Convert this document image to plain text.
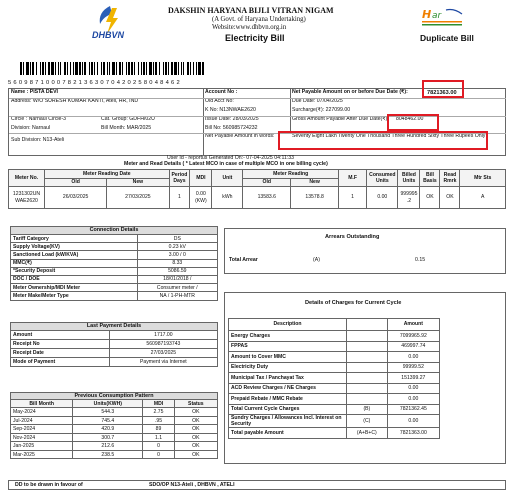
DHBVN
DAKSHIN HARYANA BIJLI VITRAN NIGAM
(A Govt. of Haryana Undertaking)
Website:www.dhbvn.org.in
Electricity Bill
H ar
Duplicate Bill
5 6 0 9 8 7 1 0 0 0 7 8 2 1 3 6 3 0 7 0 4 2 0 2 5 8 0 4 8 4 6 2
Name : PISTA DEVI	Account No :	Net Payable Amount on or before Due Date (₹):	7821363.00
Address: W/O SURESH KUMAR KANTI, Ateli, HR, IND	Old Acct No:	Due Date: 07/04/2025
K No: N13NWAE2620	Surcharge(₹): 227099.00
Circle : Narnaul Circle-3	Cat. Group: GDFH/02U	Issue Date: 28/03/2025	Gross Amount Payable After Due Date(₹): 8048462.00
Division: Narnaul	Bill Month: MAR/2025	Bill No: 560985724232
Sub Division: N13-Ateli
Net Payable Amount in words:	Seventy Eight Lakh Twenty One Thousand Three Hundred Sixty Three Rupees Only
User Id - reportus Generated On:- 07-04-2025 04:11:33
Meter and Read Details ( * Latest MCO in case of multiple MCO in one billing cycle)
Meter No.	Meter Reading Date		Period Days	MDI	Unit	Meter Reading		M.F	Consumed Units	Billed Units	Bill Basis	Read Rmrk	Mtr Sts
	Old	New				Old	New						
1231302UN WAE2620	26/03/2025	27/03/2025	1	0.00 (KW)	kWh	13583.6	13578.8	1	0.00	999995 .2	OK	OK	A
Connection Details	
Tariff Category	DS
Supply Voltage(KV)	0.23 kV
Sanctioned Load (kW/KVA)	3.00 / 0
MMC(₹)	8.33
*Security Deposit	5086.59
DOC / DOE	18/01/2018 /
Meter Ownership/MDI Meter	Consumer meter /
Meter Make/Meter Type	NA / 1-PH-MTR
Arrears Outstanding
Total Arrear	(A)	0.15
Last Payment Details	
Amount	1717.00
Receipt No	560987193743
Receipt Date	27/03/2025
Mode of Payment	Payment via Internet
Details of Charges for Current Cycle
Description		Amount
Energy Charges		7099965.92
FPPAS		469997.74
Amount to Cover MMC		0.00
Electricity Duty		99999.52
Municipal Tax / Panchayat Tax		151399.27
ACD Review Charges / NE Charges		0.00
Prepaid Rebate / MMC Rebate		0.00
Total Current Cycle Charges	(B)	7821362.45
Sundry Charges / Allowances Incl. Interest on Security	(C)	0.00
Total payable Amount	(A+B+C)	7821363.00
Previous Consumption Pattern			
Bill Month	Units(KWH)	MDI	Status
May-2024	544.3	2.75	OK
Jul-2024	745.4	.95	OK
Sep-2024	420.9	89	OK
Nov-2024	300.7	1.1	OK
Jan-2025	212.6	0	OK
Mar-2025	238.5	0	OK
DD to be drawn in favour of	SDO/OP N13-Ateli , DHBVN , ATELI
